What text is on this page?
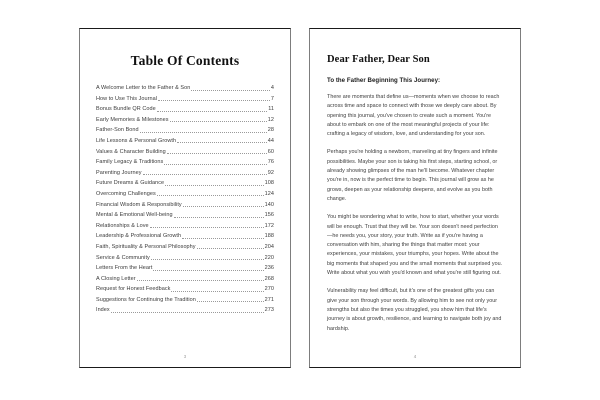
Table Of Contents
A Welcome Letter to the Father & Son	4
How to Use This Journal	7
Bonus Bundle QR Code	11
Early Memories & Milestones	12
Father-Son Bond	28
Life Lessons & Personal Growth	44
Values & Character Building	60
Family Legacy & Traditions	76
Parenting Journey	92
Future Dreams & Guidance	108
Overcoming Challenges	124
Financial Wisdom & Responsibility	140
Mental & Emotional Well-being	156
Relationships & Love	172
Leadership & Professional Growth	188
Faith, Spirituality & Personal Philosophy	204
Service & Community	220
Letters From the Heart	236
A Closing Letter	268
Request for Honest Feedback	270
Suggestions for Continuing the Tradition	271
Index	273
3
Dear Father, Dear Son
To the Father Beginning This Journey:

There are moments that define us—moments when we choose to reach across time and space to connect with those we deeply care about. By opening this journal, you've chosen to create such a moment. You're about to embark on one of the most meaningful projects of your life: crafting a legacy of wisdom, love, and understanding for your son.

Perhaps you're holding a newborn, marveling at tiny fingers and infinite possibilities. Maybe your son is taking his first steps, starting school, or already showing glimpses of the man he'll become. Whatever chapter you're in, now is the perfect time to begin. This journal will grow as he grows, deepen as your relationship deepens, and evolve as you both change.

You might be wondering what to write, how to start, whether your words will be enough. Trust that they will be. Your son doesn't need perfection—he needs you, your story, your truth. Write as if you're having a conversation with him, sharing the things that matter most: your experiences, your mistakes, your triumphs, your hopes. Write about the big moments that shaped you and the small moments that surprised you. Write about what you wish you'd known and what you're still figuring out.

Vulnerability may feel difficult, but it's one of the greatest gifts you can give your son through your words. By allowing him to see not only your strengths but also the times you struggled, you show him that life's journey is about growth, resilience, and learning to navigate both joy and hardship.

4
